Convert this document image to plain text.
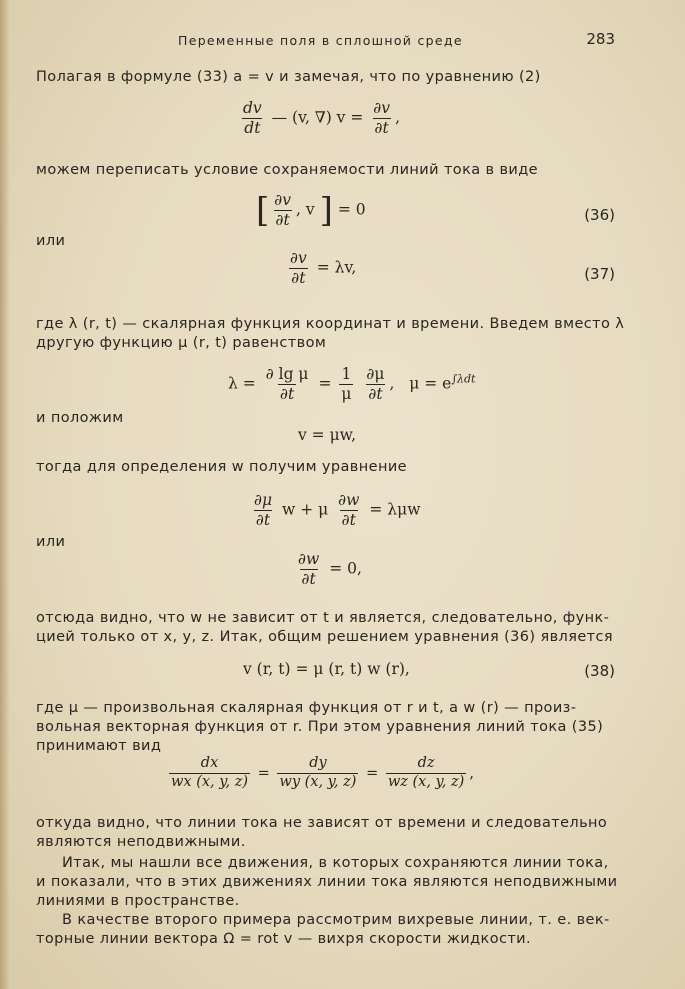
Переменные поля в сплошной среде	283
Полагая в формуле (33) a = v и замечая, что по уравнению (2)
$\frac{dv}{dt}$ — (v, ∇) $v = \frac{\partial v}{\partial t}$ ,
можем переписать условие сохраняемости линий тока в виде
[ $\frac{\partial v}{\partial t}$ , v ] = 0	(36)
или
$\frac{\partial v}{\partial t} = \lambda v$,	(37)
где λ (r, t) — скалярная функция координат и времени. Введем вместо λ
другую функцию μ (r, t) равенством
$\lambda = \frac{\text{∂ lg μ}}{\partial t} = \frac{1}{\mu}$
$\frac{\partial\mu}{\partial t}$ , $\mu = e^{\int\lambda dt}$
и положим
v = μw,
тогда для определения w получим уравнение
$\frac{\partial\mu}{\partial t}$ w + μ $\frac{\partial w}{\partial t} = \lambda\mu w$
или
$\frac{\partial w}{\partial t} = 0$,
отсюда видно, что w не зависит от t и является, следовательно, функ-
цией только от x, y, z. Итак, общим решением уравнения (36) является
v (r, t) = μ (r, t) w (r),	(38)
где μ — произвольная скалярная функция от r и t, а w (r) — произ-
вольная векторная функция от r. При этом уравнения линий тока (35)
принимают вид
$\frac{dx}{wx (x, y, z)} = \frac{dy}{wy (x, y, z)} = \frac{dz}{wz (x, y, z)}$ ,
откуда видно, что линии тока не зависят от времени и следовательно
являются неподвижными.
Итак, мы нашли все движения, в которых сохраняются линии тока,
и показали, что в этих движениях линии тока являются неподвижными
линиями в пространстве.
В качестве второго примера рассмотрим вихревые линии, т. е. век-
торные линии вектора Ω = rot v — вихря скорости жидкости.
